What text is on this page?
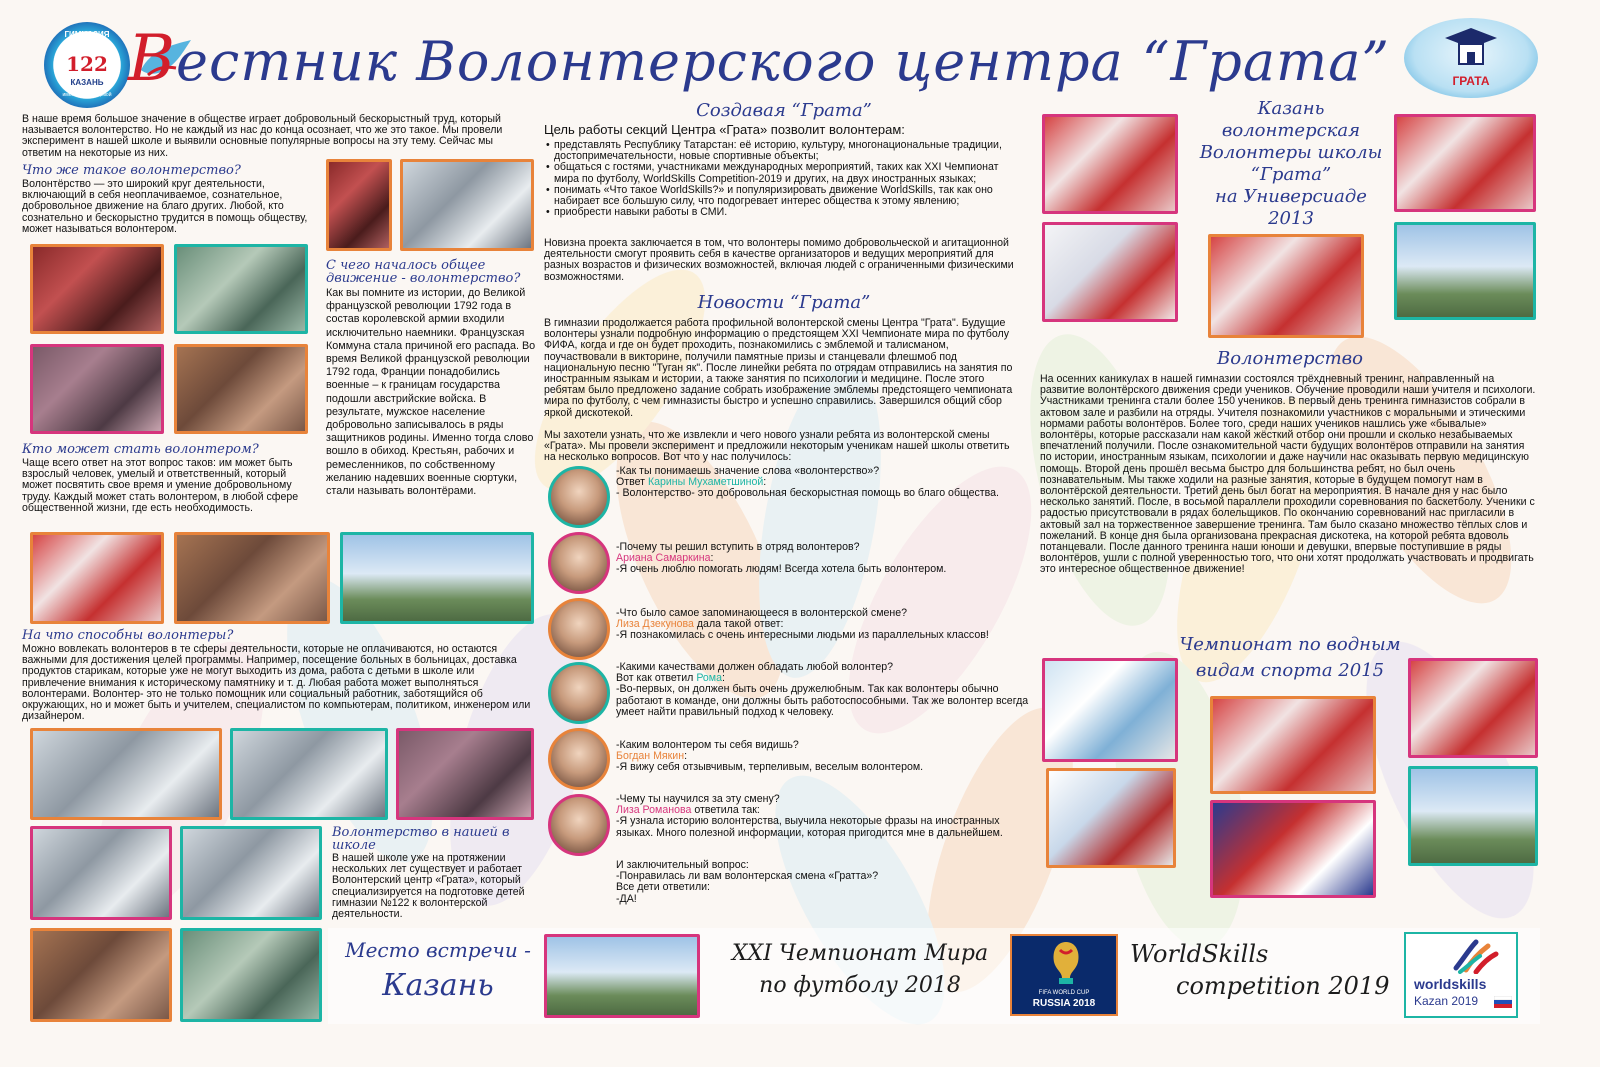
ГИМНАЗИЯ
122
КАЗАНЬ
имени Ж.А.Зайцевой Вестник Волонтерского центра “Грата”	ГРАТА
В наше время большое значение в обществе играет добровольный бескорыстный труд, который называется волонтерство. Но не каждый из нас до конца осознает, что же это такое. Мы провели эксперимент в нашей школе и выявили основные популярные вопросы на эту тему. Сейчас мы ответим на некоторые из них.
Что же такое волонтерство?
Волонтёрство — это широкий круг деятельности, включающий в себя неоплачиваемое, сознательное, добровольное движение на благо других. Любой, кто сознательно и бескорыстно трудится в помощь обществу, может называться волонтером.
С чего началось общее движение - волонтерство?
Как вы помните из истории, до Великой французской революции 1792 года в состав королевской армии входили исключительно наемники. Французская Коммуна стала причиной его распада. Во время Великой французской революции 1792 года, Франции понадобились военные – к границам государства подошли австрийские войска. В результате, мужское население добровольно записывалось в ряды защитников родины. Именно тогда слово вошло в обиход. Крестьян, рабочих и ремесленников, по собственному желанию надевших военные сюртуки, стали называть волонтёрами.
Кто может стать волонтером?
Чаще всего ответ на этот вопрос таков: им может быть взрослый человек, умелый и ответственный, который может посвятить свое время и умение добровольному труду. Каждый может стать волонтером, в любой сфере общественной жизни, где есть необходимость.
На что способны волонтеры?
Можно вовлекать волонтеров в те сферы деятельности, которые не оплачиваются, но остаются важными для достижения целей программы. Например, посещение больных в больницах, доставка продуктов старикам, которые уже не могут выходить из дома, работа с детьми в школе или привлечение внимания к историческому памятнику и т. д. Любая работа может выполняться волонтерами. Волонтер- это не только помощник или социальный работник, заботящийся об окружающих, но и может быть и учителем, специалистом по компьютерам, политиком, инженером или дизайнером.
Волонтерство в нашей в школе
В нашей школе уже на протяжении нескольких лет существует и работает Волонтерский центр «Грата», который специализируется на подготовке детей гимназии №122 к волонтерской деятельности.
Создавая “Грата”
Цель работы секций Центра «Грата» позволит волонтерам:
• представлять Республику Татарстан: её историю, культуру, многонациональные традиции, достопримечательности, новые спортивные объекты;
• общаться с гостями, участниками международных мероприятий, таких как XXI Чемпионат мира по футболу, WorldSkills Competition-2019 и других, на двух иностранных языках;
• понимать «Что такое WorldSkills?» и популяризировать движение WorldSkills, так как оно набирает все большую силу, что подогревает интерес общества к этому явлению;
• приобрести навыки работы в СМИ.
Новизна проекта заключается в том, что волонтеры помимо добровольческой и агитационной деятельности смогут проявить себя в качестве организаторов и ведущих мероприятий для разных возрастов и физических возможностей, включая людей с ограниченными физическими возможностями.
Новости “Грата”
В гимназии продолжается работа профильной волонтерской смены Центра "Грата". Будущие волонтеры узнали подробную информацию о предстоящем XXI Чемпионате мира по футболу ФИФА, когда и где он будет проходить, познакомились с эмблемой и талисманом, поучаствовали в викторине, получили памятные призы и станцевали флешмоб под национальную песню "Туган як". После линейки ребята по отрядам отправились на занятия по иностранным языкам и истории, а также занятия по психологии и медицине. После этого ребятам было предложено задание собрать изображение эмблемы предстоящего чемпионата мира по футболу, с чем гимназисты быстро и успешно справились. Завершился общий сбор яркой дискотекой.
Мы захотели узнать, что же извлекли и чего нового узнали ребята из волонтерской смены «Грата». Мы провели эксперимент и предложили некоторым ученикам нашей школы ответить на несколько вопросов. Вот что у нас получилось:
-Как ты понимаешь значение слова «волонтерство»?
Ответ Карины Мухаметшиной:
- Волонтерство- это добровольная бескорыстная помощь во благо общества.
-Почему ты решил вступить в отряд волонтеров?
Ариана Самаркина:
-Я очень люблю помогать людям! Всегда хотела быть волонтером.
-Что было самое запоминающееся в волонтерской смене?
Лиза Дзекунова дала такой ответ:
-Я познакомилась с очень интересными людьми из параллельных классов!
-Какими качествами должен обладать любой волонтер?
Вот как ответил Рома:
-Во-первых, он должен быть очень дружелюбным. Так как волонтеры обычно работают в команде, они должны быть работоспособными. Так же волонтер всегда умеет найти правильный подход к человеку.
-Каким волонтером ты себя видишь?
Богдан Мякин:
-Я вижу себя отзывчивым, терпеливым, веселым волонтером.
-Чему ты научился за эту смену?
Лиза Романова ответила так:
-Я узнала историю волонтерства, выучила некоторые фразы на иностранных языках. Много полезной информации, которая пригодится мне в дальнейшем.
И заключительный вопрос:
-Понравилась ли вам волонтерская смена «Гратта»?
Все дети ответили:
-ДА!
Казань
волонтерская
Волонтеры школы
“Грата”
на Универсиаде
2013
Волонтерство
На осенних каникулах в нашей гимназии состоялся трёхдневный тренинг, направленный на развитие волонтёрского движения среди учеников. Обучение проводили наши учителя и психологи. Участниками тренинга стали более 150 учеников. В первый день тренинга гимназистов собрали в актовом зале и разбили на отряды. Учителя познакомили участников с моральными и этическими нормами работы волонтёров. Более того, среди наших учеников нашлись уже «бывалые» волонтёры, которые рассказали нам какой жёсткий отбор они прошли и сколько незабываемых впечатлений получили. После ознакомительной части будущих волонтёров отправили на занятия по истории, иностранным языкам, психологии и даже научили нас оказывать первую медицинскую помощь. Второй день прошёл весьма быстро для большинства ребят, но был очень познавательным. Мы также ходили на разные занятия, которые в будущем помогут нам в волонтёрской деятельности. Третий день был богат на мероприятия. В начале дня у нас было несколько занятий. После, в восьмой параллели проходили соревнования по баскетболу. Ученики с радостью присутствовали в рядах болельщиков. По окончанию соревнований нас пригласили в актовый зал на торжественное завершение тренинга. Там было сказано множество тёплых слов и пожеланий. В конце дня была организована прекрасная дискотека, на которой ребята вдоволь потанцевали. После данного тренинга наши юноши и девушки, впервые поступившие в ряды волонтёров, ушли с полной уверенностью того, что они хотят продолжать участвовать и продвигать это интересное общественное движение!
Чемпионат по водным
видам спорта 2015
Место встречи -
Казань
XXI Чемпионат Мира
по футболу 2018	FIFA WORLD CUP
RUSSIA 2018
WorldSkills
competition 2019	worldskills
Kazan 2019
